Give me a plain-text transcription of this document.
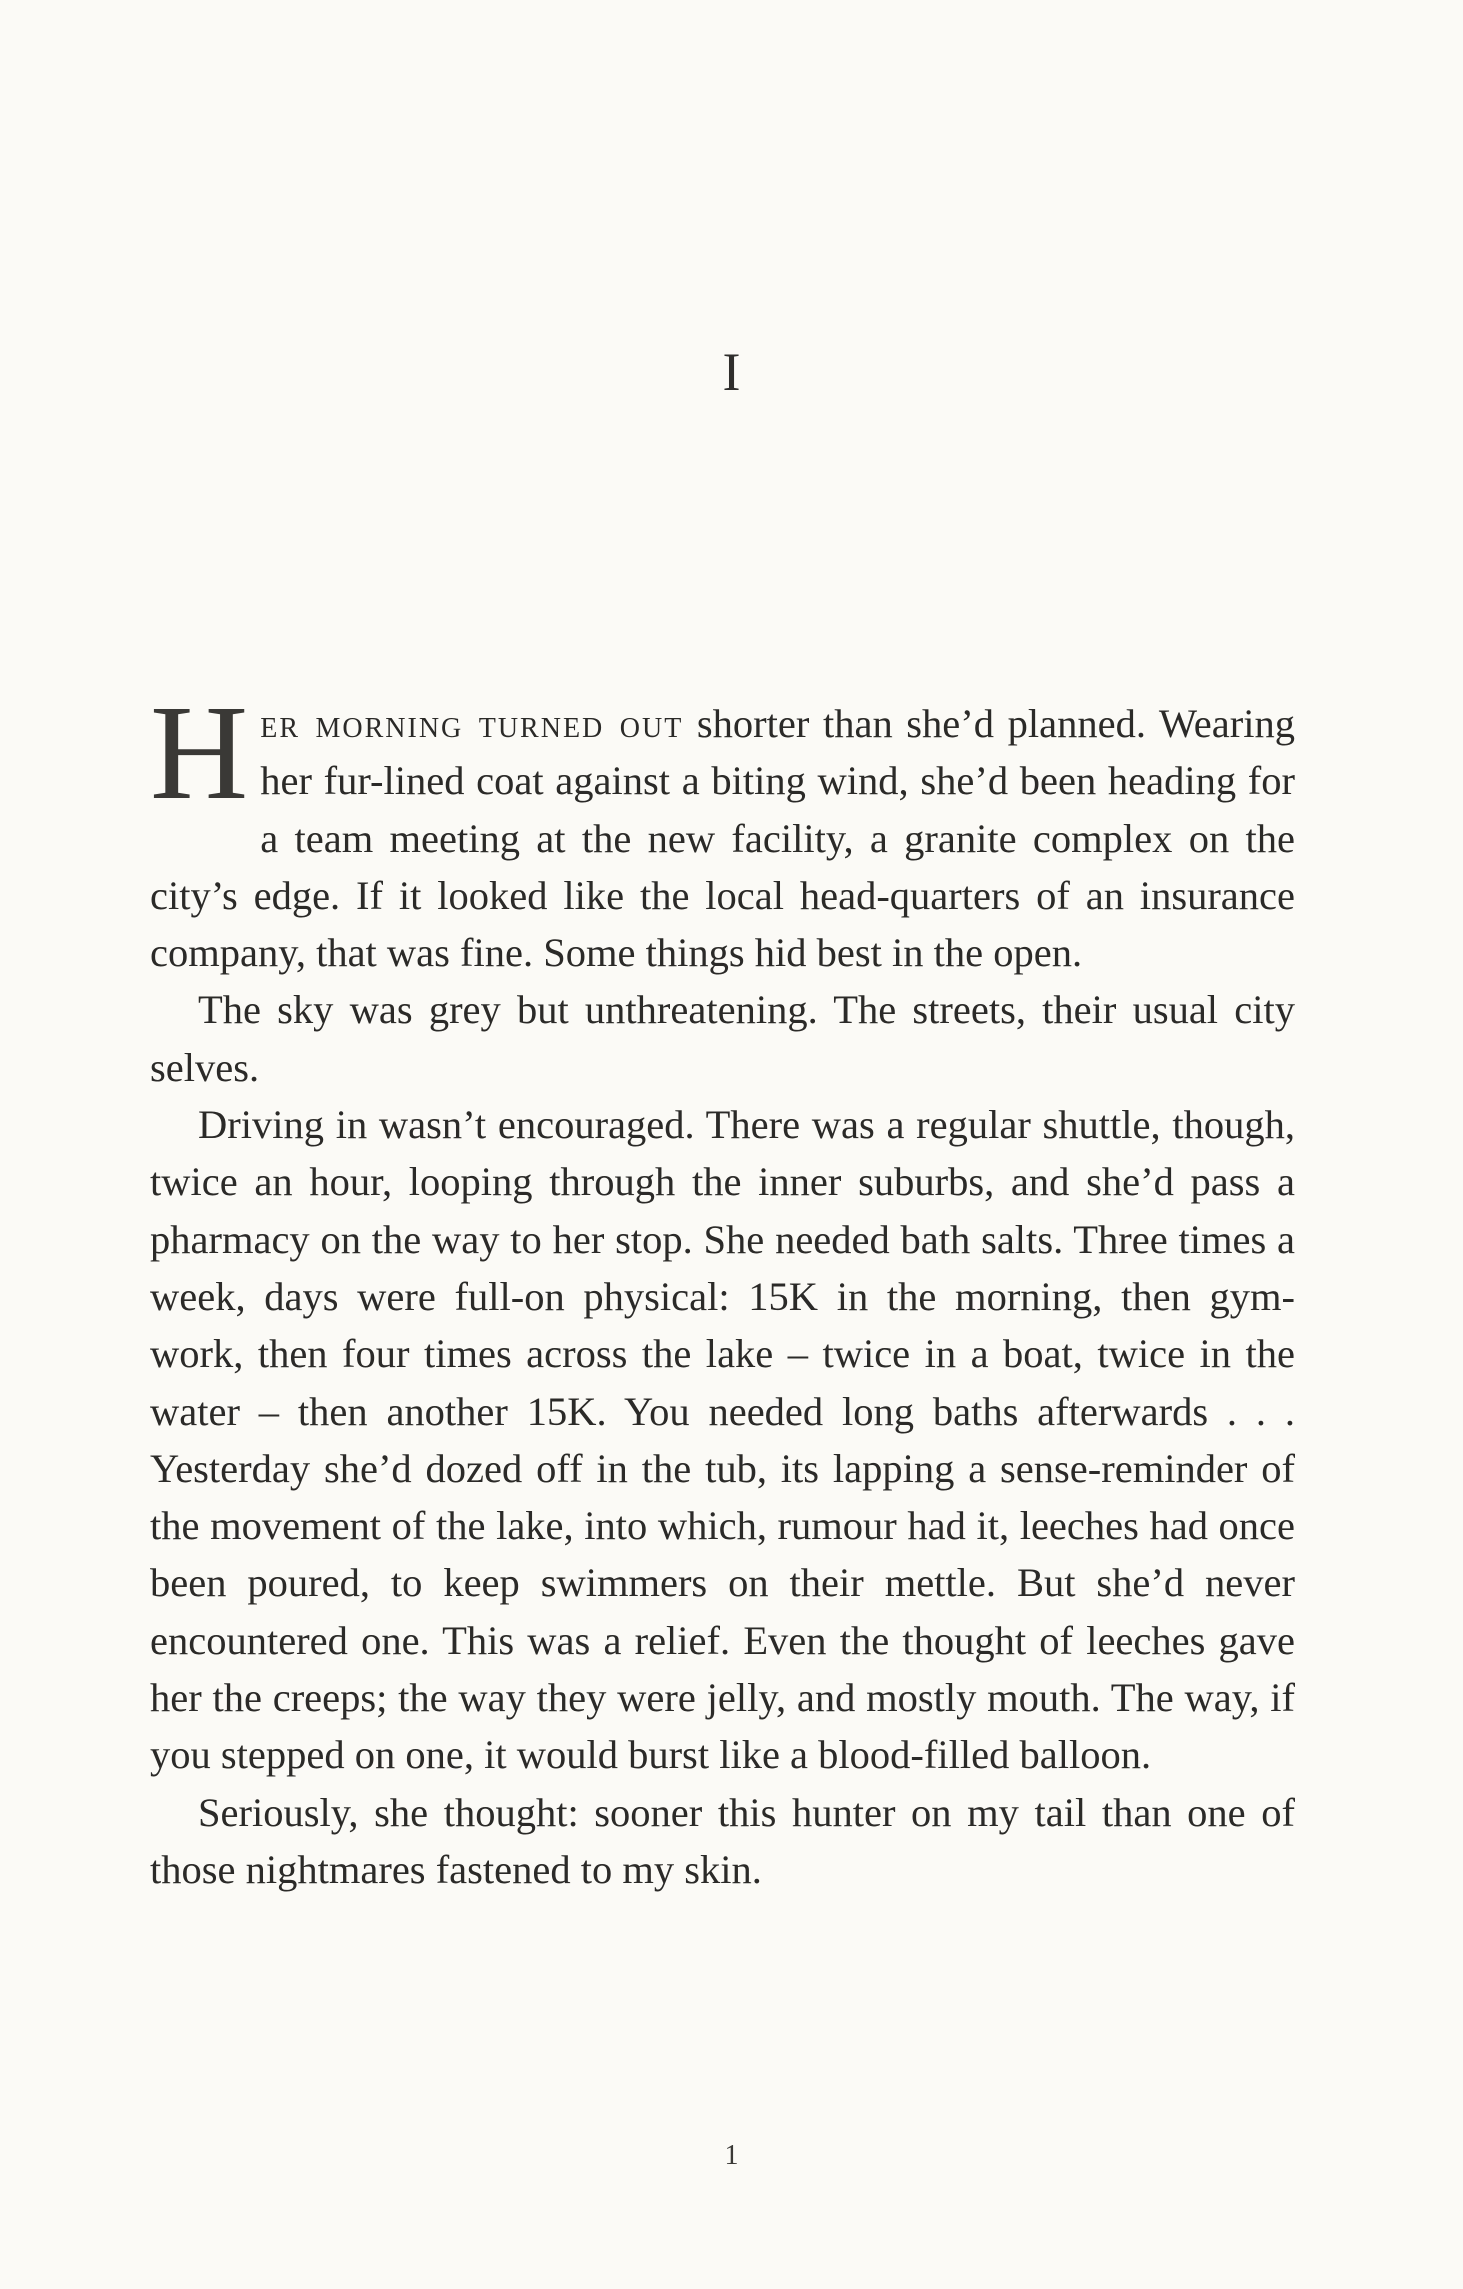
I

Her morning turned out shorter than she’d planned. Wearing her fur-lined coat against a biting wind, she’d been heading for a team meeting at the new facility, a granite complex on the city’s edge. If it looked like the local head-quarters of an insurance company, that was fine. Some things hid best in the open.

The sky was grey but unthreatening. The streets, their usual city selves.

Driving in wasn’t encouraged. There was a regular shuttle, though, twice an hour, looping through the inner suburbs, and she’d pass a pharmacy on the way to her stop. She needed bath salts. Three times a week, days were full-on physical: 15K in the morning, then gym-work, then four times across the lake – twice in a boat, twice in the water – then another 15K. You needed long baths afterwards . . . Yesterday she’d dozed off in the tub, its lapping a sense-reminder of the movement of the lake, into which, rumour had it, leeches had once been poured, to keep swimmers on their mettle. But she’d never encountered one. This was a relief. Even the thought of leeches gave her the creeps; the way they were jelly, and mostly mouth. The way, if you stepped on one, it would burst like a blood-filled balloon.

Seriously, she thought: sooner this hunter on my tail than one of those nightmares fastened to my skin.

1
